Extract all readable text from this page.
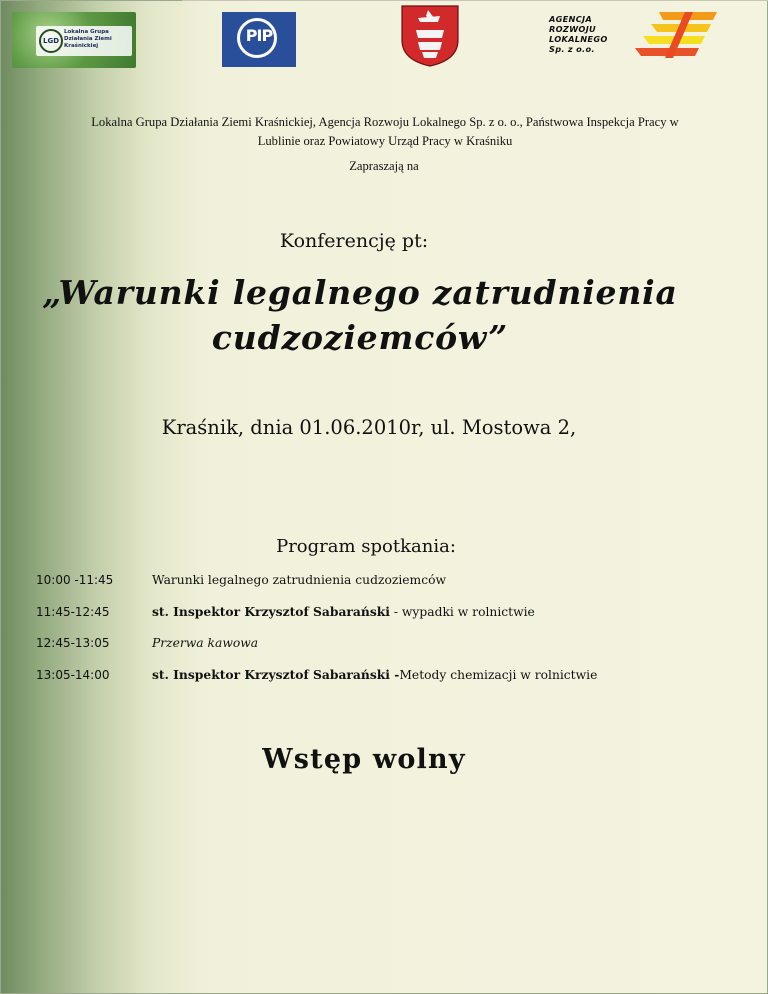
LGD
Lokalna Grupa Działania Ziemi Kraśnickiej
PIP
AGENCJA
ROZWOJU
LOKALNEGO
Sp. z o.o.
Lokalna Grupa Działania Ziemi Kraśnickiej, Agencja Rozwoju Lokalnego Sp. z o. o., Państwowa Inspekcja Pracy w Lublinie oraz Powiatowy Urząd Pracy w Kraśniku
Zapraszają na
Konferencję pt:
„Warunki legalnego zatrudnienia
cudzoziemców”
Kraśnik, dnia 01.06.2010r, ul. Mostowa 2,
Program spotkania:
10:00 -11:45	Warunki legalnego zatrudnienia cudzoziemców
11:45-12:45	st. Inspektor Krzysztof Sabarański - wypadki w rolnictwie
12:45-13:05	Przerwa kawowa
13:05-14:00	st. Inspektor Krzysztof Sabarański -Metody chemizacji w rolnictwie
Wstęp wolny
